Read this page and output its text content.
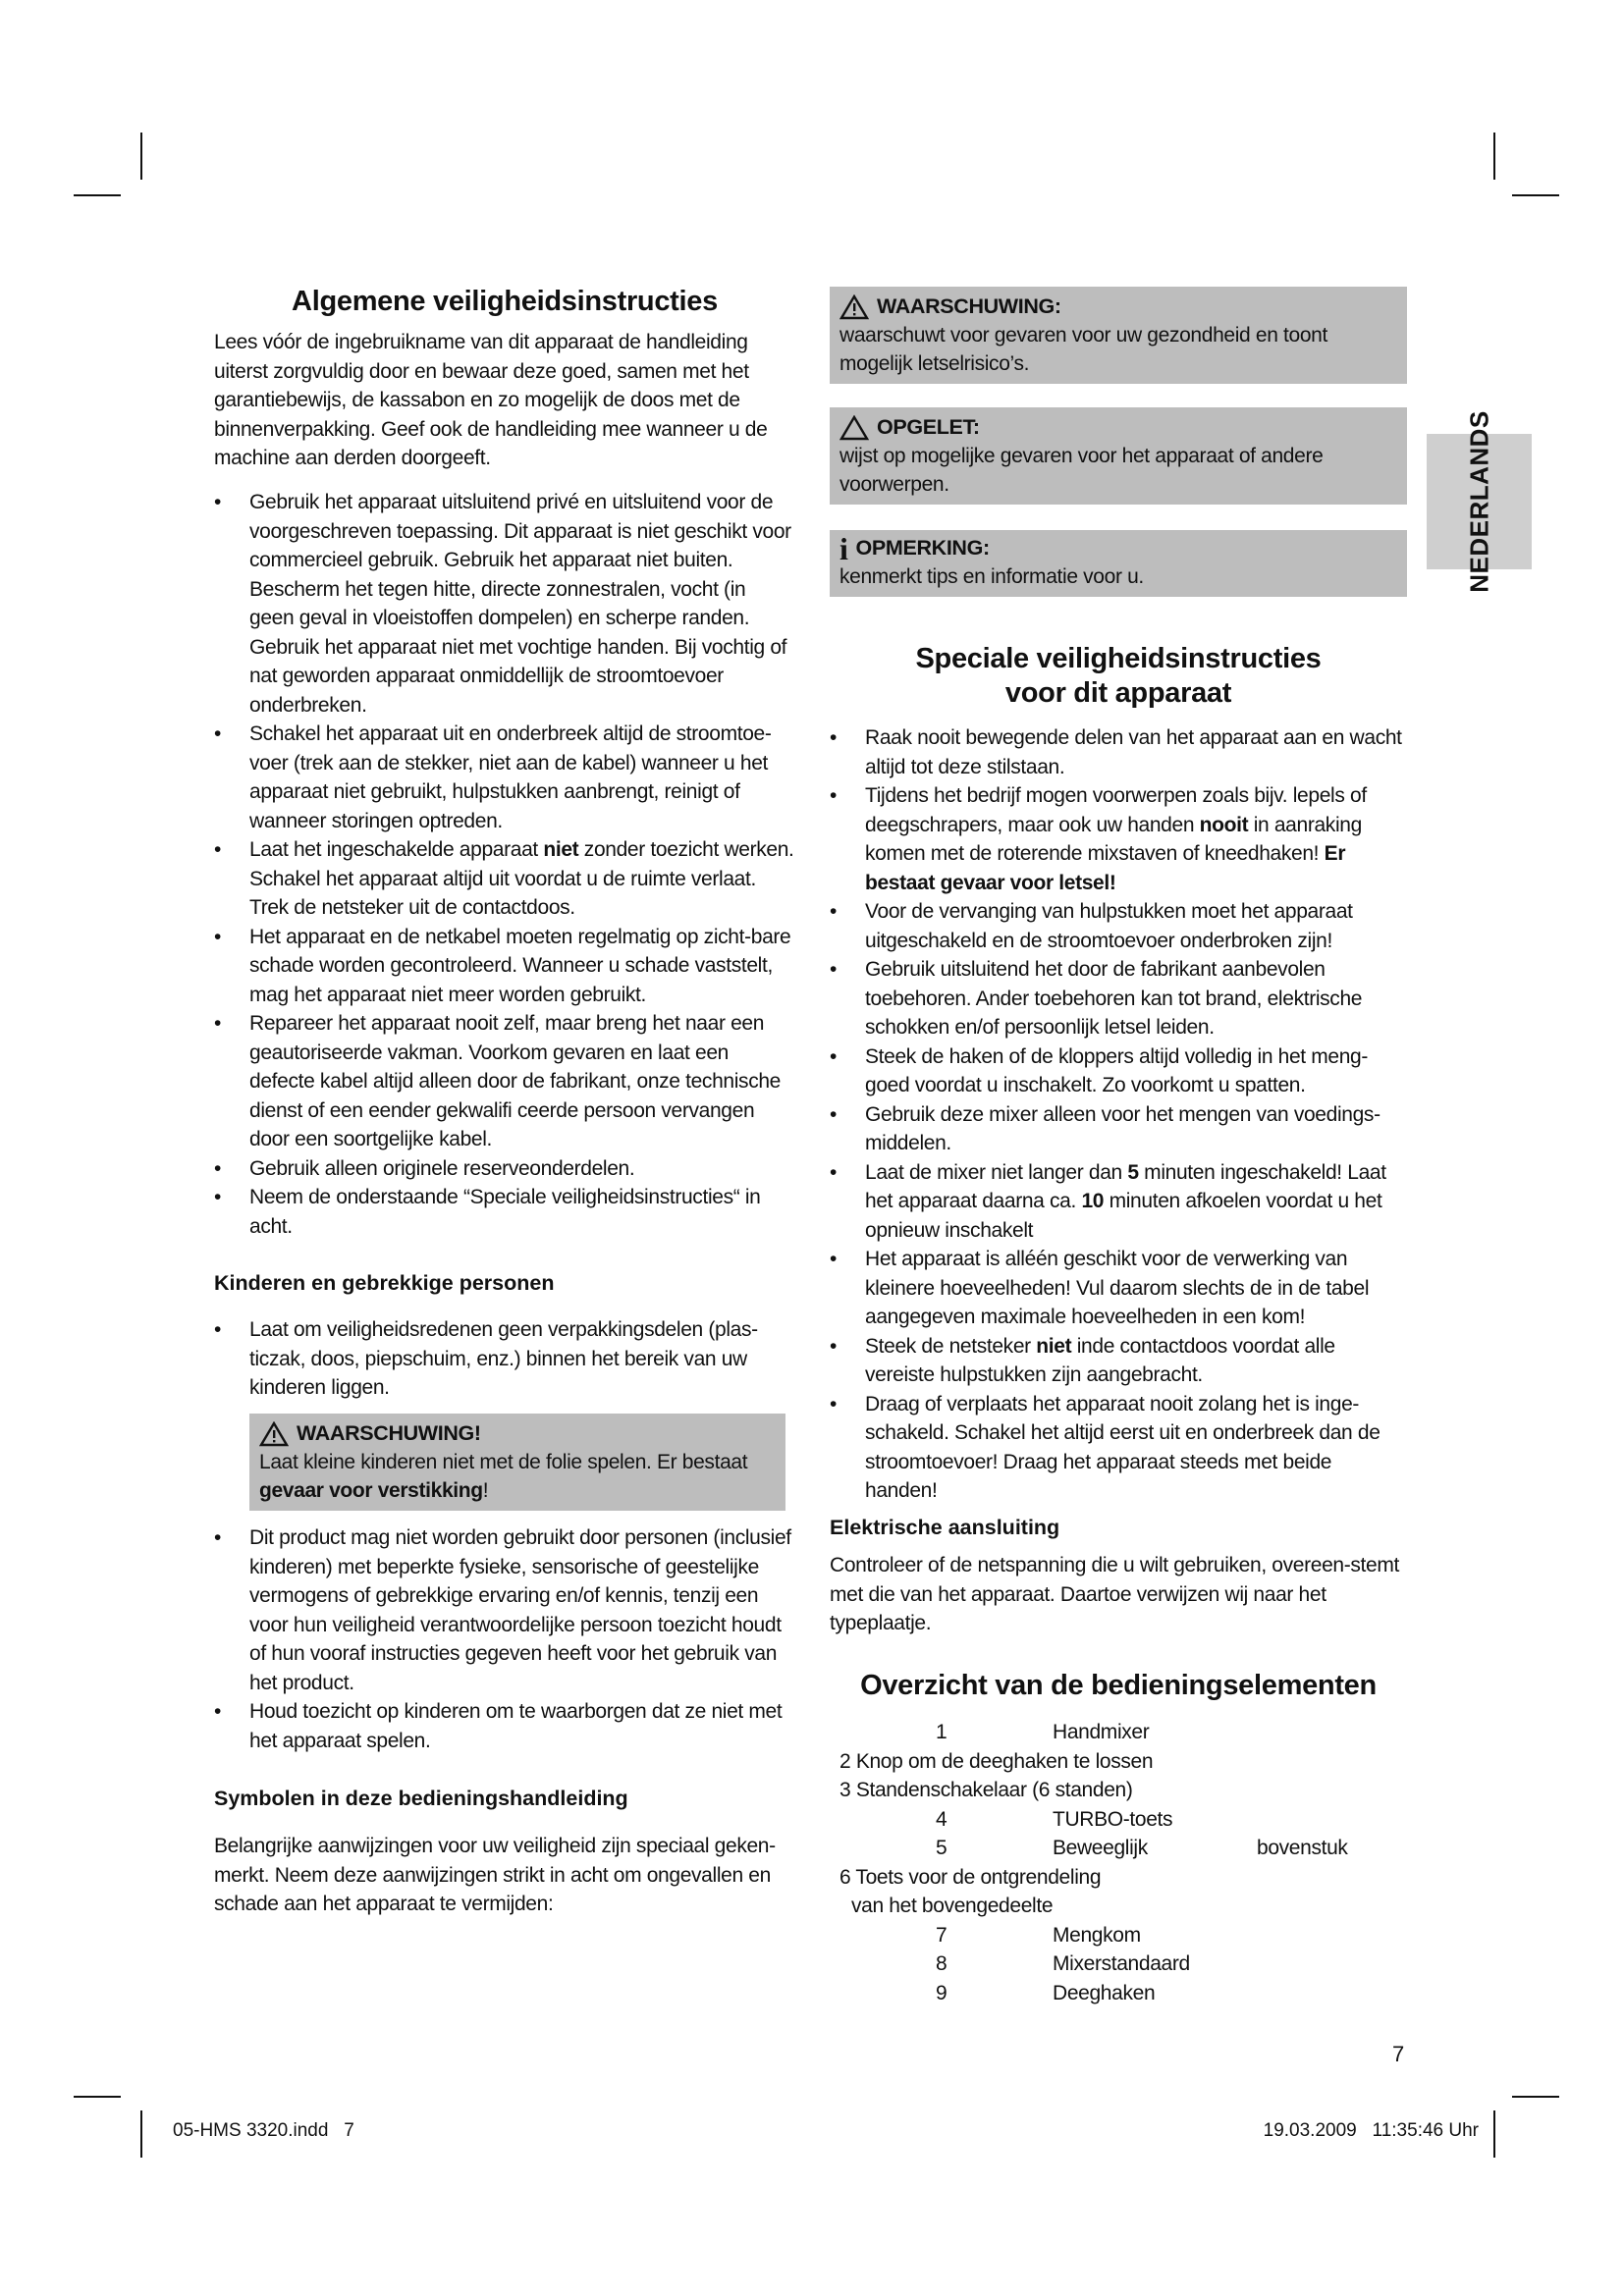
NEDERLANDS
Algemene veiligheidsinstructies

Lees vóór de ingebruikname van dit apparaat de handleiding uiterst zorgvuldig door en bewaar deze goed, samen met het garantiebewijs, de kassabon en zo mogelijk de doos met de binnenverpakking. Geef ook de handleiding mee wanneer u de machine aan derden doorgeeft.

• Gebruik het apparaat uitsluitend privé en uitsluitend voor de voorgeschreven toepassing. Dit apparaat is niet geschikt voor commercieel gebruik. Gebruik het apparaat niet buiten. Bescherm het tegen hitte, directe zonnestralen, vocht (in geen geval in vloeistoffen dompelen) en scherpe randen. Gebruik het apparaat niet met vochtige handen. Bij vochtig of nat geworden apparaat onmiddellijk de stroomtoevoer onderbreken.
• Schakel het apparaat uit en onderbreek altijd de stroomtoe-voer (trek aan de stekker, niet aan de kabel) wanneer u het apparaat niet gebruikt, hulpstukken aanbrengt, reinigt of wanneer storingen optreden.
• Laat het ingeschakelde apparaat niet zonder toezicht werken. Schakel het apparaat altijd uit voordat u de ruimte verlaat. Trek de netsteker uit de contactdoos.
• Het apparaat en de netkabel moeten regelmatig op zicht-bare schade worden gecontroleerd. Wanneer u schade vaststelt, mag het apparaat niet meer worden gebruikt.
• Repareer het apparaat nooit zelf, maar breng het naar een geautoriseerde vakman. Voorkom gevaren en laat een defecte kabel altijd alleen door de fabrikant, onze technische dienst of een eender gekwalifi ceerde persoon vervangen door een soortgelijke kabel.
• Gebruik alleen originele reserveonderdelen.
• Neem de onderstaande “Speciale veiligheidsinstructies“ in acht.
Kinderen en gebrekkige personen
• Laat om veiligheidsredenen geen verpakkingsdelen (plas-ticzak, doos, piepschuim, enz.) binnen het bereik van uw kinderen liggen.
WAARSCHUWING!
Laat kleine kinderen niet met de folie spelen. Er bestaat gevaar voor verstikking!
• Dit product mag niet worden gebruikt door personen (inclusief kinderen) met beperkte fysieke, sensorische of geestelijke vermogens of gebrekkige ervaring en/of kennis, tenzij een voor hun veiligheid verantwoordelijke persoon toezicht houdt of hun vooraf instructies gegeven heeft voor het gebruik van het product.
• Houd toezicht op kinderen om te waarborgen dat ze niet met het apparaat spelen.
Symbolen in deze bedieningshandleiding

Belangrijke aanwijzingen voor uw veiligheid zijn speciaal geken-merkt. Neem deze aanwijzingen strikt in acht om ongevallen en schade aan het apparaat te vermijden:

WAARSCHUWING:
waarschuwt voor gevaren voor uw gezondheid en toont mogelijk letselrisico’s.
OPGELET:
wijst op mogelijke gevaren voor het apparaat of andere voorwerpen.
i OPMERKING:
kenmerkt tips en informatie voor u.
Speciale veiligheidsinstructies
voor dit apparaat
• Raak nooit bewegende delen van het apparaat aan en wacht altijd tot deze stilstaan.
• Tijdens het bedrijf mogen voorwerpen zoals bijv. lepels of deegschrapers, maar ook uw handen nooit in aanraking komen met de roterende mixstaven of kneedhaken! Er bestaat gevaar voor letsel!
• Voor de vervanging van hulpstukken moet het apparaat uitgeschakeld en de stroomtoevoer onderbroken zijn!
• Gebruik uitsluitend het door de fabrikant aanbevolen toebehoren. Ander toebehoren kan tot brand, elektrische schokken en/of persoonlijk letsel leiden.
• Steek de haken of de kloppers altijd volledig in het meng-goed voordat u inschakelt. Zo voorkomt u spatten.
• Gebruik deze mixer alleen voor het mengen van voedings-middelen.
• Laat de mixer niet langer dan 5 minuten ingeschakeld! Laat het apparaat daarna ca. 10 minuten afkoelen voordat u het opnieuw inschakelt
• Het apparaat is alléén geschikt voor de verwerking van kleinere hoeveelheden! Vul daarom slechts de in de tabel aangegeven maximale hoeveelheden in een kom!
• Steek de netsteker niet inde contactdoos voordat alle vereiste hulpstukken zijn aangebracht.
• Draag of verplaats het apparaat nooit zolang het is inge-schakeld. Schakel het altijd eerst uit en onderbreek dan de stroomtoevoer! Draag het apparaat steeds met beide handen!
Elektrische aansluiting

Controleer of de netspanning die u wilt gebruiken, overeen-stemt met die van het apparaat. Daartoe verwijzen wij naar het typeplaatje.

Overzicht van de bedieningselementen
1	Handmixer
2 Knop om de deeghaken te lossen
3 Standenschakelaar (6 standen)
4	TURBO-toets
5	Beweeglijk	bovenstuk
6 Toets voor de ontgrendeling
van het bovengedeelte
7	Mengkom
8	Mixerstandaard
9	Deeghaken
7
05-HMS 3320.indd   7	19.03.2009   11:35:46 Uhr
